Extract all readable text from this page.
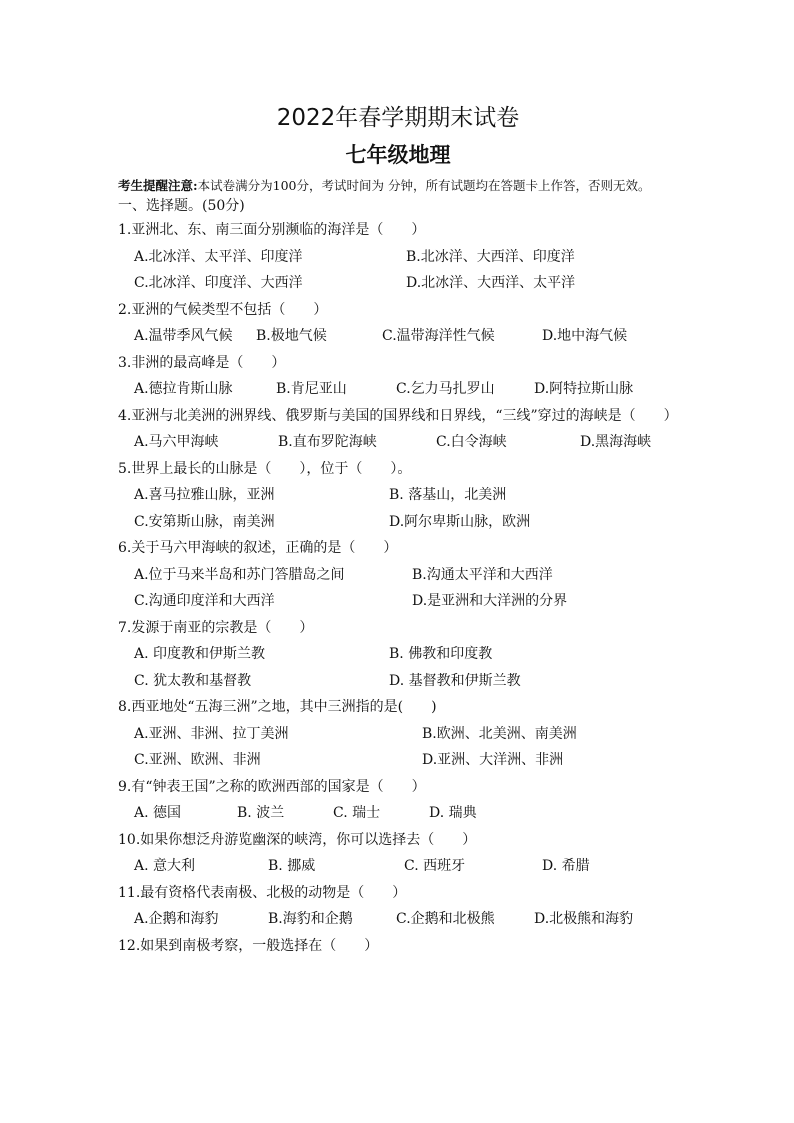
2022年春学期期末试卷
七年级地理

考生提醒注意:本试卷满分为100分，考试时间为 分钟，所有试题均在答题卡上作答，否则无效。

一、选择题。(50分)

1.亚洲北、东、南三面分别濒临的海洋是（　　）
A.北冰洋、太平洋、印度洋	B.北冰洋、大西洋、印度洋
C.北冰洋、印度洋、大西洋	D.北冰洋、大西洋、太平洋
2.亚洲的气候类型不包括（　　）
A.温带季风气候	B.极地气候	C.温带海洋性气候	D.地中海气候
3.非洲的最高峰是（　　）
A.德拉肯斯山脉	B.肯尼亚山	C.乞力马扎罗山	D.阿特拉斯山脉
4.亚洲与北美洲的洲界线、俄罗斯与美国的国界线和日界线，“三线”穿过的海峡是（　　）
A.马六甲海峡	B.直布罗陀海峡	C.白令海峡	D.黑海海峡
5.世界上最长的山脉是（　　），位于（　　）。
A.喜马拉雅山脉，亚洲	B. 落基山，北美洲
C.安第斯山脉，南美洲	D.阿尔卑斯山脉，欧洲
6.关于马六甲海峡的叙述，正确的是（　　）
A.位于马来半岛和苏门答腊岛之间	B.沟通太平洋和大西洋
C.沟通印度洋和大西洋	D.是亚洲和大洋洲的分界
7.发源于南亚的宗教是（　　）
A. 印度教和伊斯兰教	B. 佛教和印度教
C. 犹太教和基督教	D. 基督教和伊斯兰教
8.西亚地处“五海三洲”之地，其中三洲指的是(　　)
A.亚洲、非洲、拉丁美洲	B.欧洲、北美洲、南美洲
C.亚洲、欧洲、非洲	D.亚洲、大洋洲、非洲
9.有“钟表王国”之称的欧洲西部的国家是（　　）
A. 德国	B. 波兰	C. 瑞士	D. 瑞典
10.如果你想泛舟游览幽深的峡湾，你可以选择去（　　）
A. 意大利	B. 挪威	C. 西班牙	D. 希腊
11.最有资格代表南极、北极的动物是（　　）
A.企鹅和海豹	B.海豹和企鹅	C.企鹅和北极熊	D.北极熊和海豹
12.如果到南极考察，一般选择在（　　）
